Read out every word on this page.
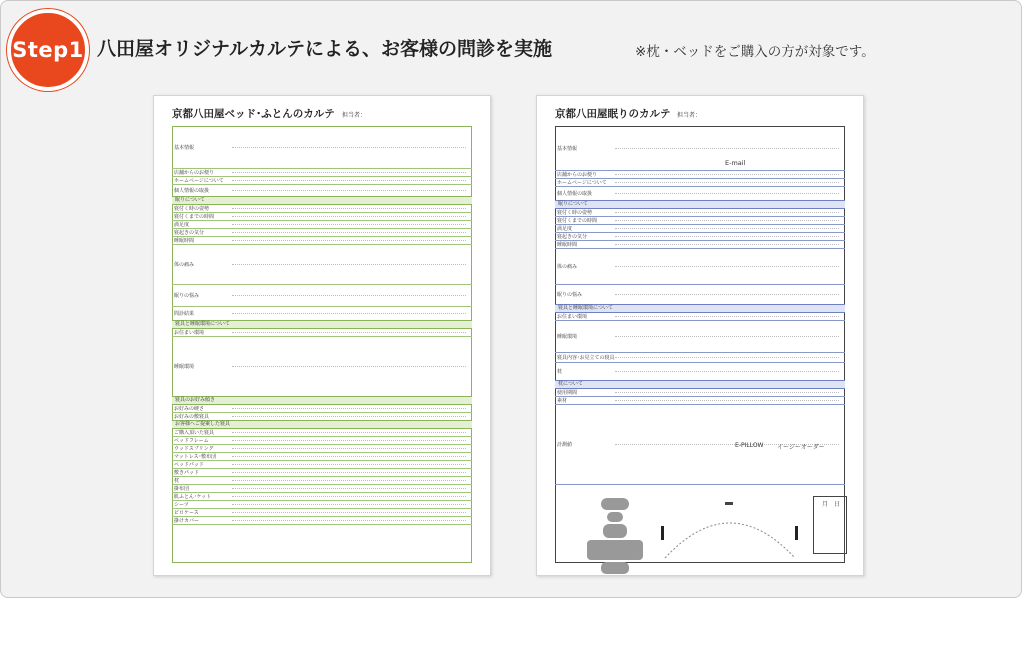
Step1 八田屋オリジナルカルテによる、お客様の問診を実施	※枕・ベッドをご購入の方が対象です。
京都八田屋ベッド･ふとんのカルテ 担当者：
基本情報
店舗からのお便り
ホームページについて
個人情報の取扱
眠りについて
寝付く時の姿勢
寝付くまでの時間
満足度
寝起きの気分
睡眠時間
体の痛み
眠りの悩み
問診結果
寝具と睡眠環境について
お住まい環境
睡眠環境
寝具のお好み傾き
お好みの硬さ
お好みの敷寝具
お客様へご提案した寝具
ご購入頂いた寝具
ベッドフレーム
ウッドスプリング
マットレス･敷布団
ベッドパッド
敷きパッド
枕
掛布団
肌ふとん･ケット
シーツ
ピロケース
掛けカバー
京都八田屋眠りのカルテ 担当者：
基本情報
店舗からのお便り
ホームページについて
個人情報の取扱
眠りについて
寝付く時の姿勢
寝付くまでの時間
満足度
寝起きの気分
睡眠時間
体の痛み
眠りの悩み
寝具と睡眠環境について
お住まい環境
睡眠環境
寝具内容･お見立ての寝具
枕
枕について
使用期間
素材
計測値
E-mail
E-PILLOW イージーオーダー
月 日
